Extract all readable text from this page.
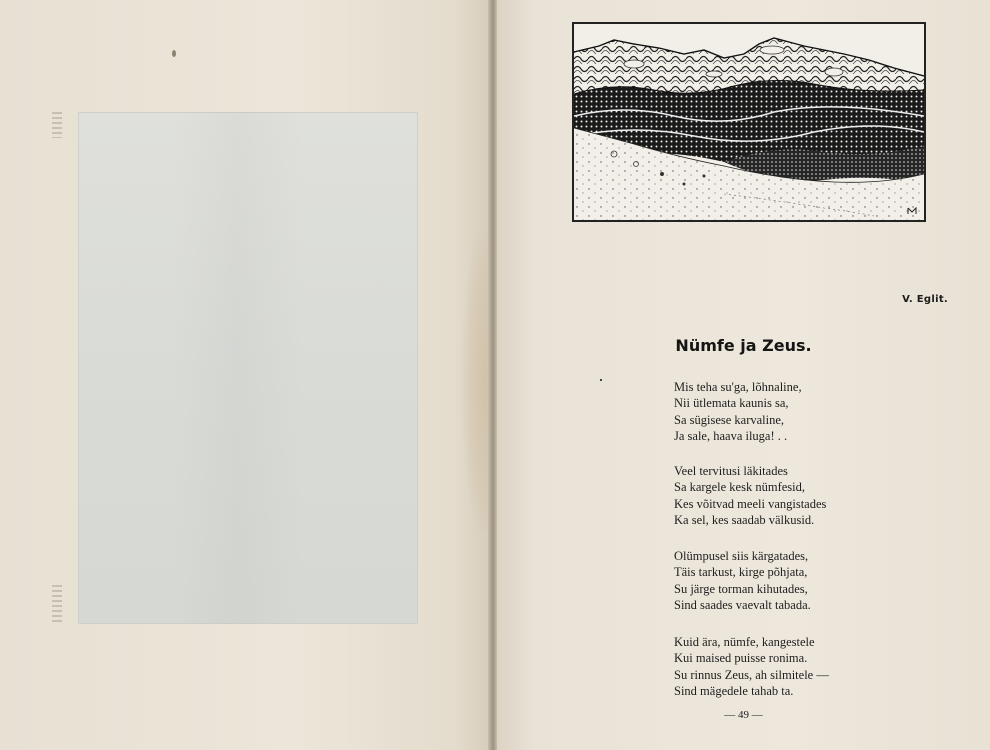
V. Eglit.
Nümfe ja Zeus.
Mis teha su'ga, lõhnaline,
Nii ütlemata kaunis sa,
Sa sügisese karvaline,
Ja sale, haava iluga! . .
Veel tervitusi läkitades
Sa kargele kesk nümfesid,
Kes võitvad meeli vangistades
Ka sel, kes saadab välkusid.
Olümpusel siis kärgatades,
Täis tarkust, kirge põhjata,
Su järge torman kihutades,
Sind saades vaevalt tabada.
Kuid ära, nümfe, kangestele
Kui maised puisse ronima.
Su rinnus Zeus, ah silmitele —
Sind mägedele tahab ta.
— 49 —
